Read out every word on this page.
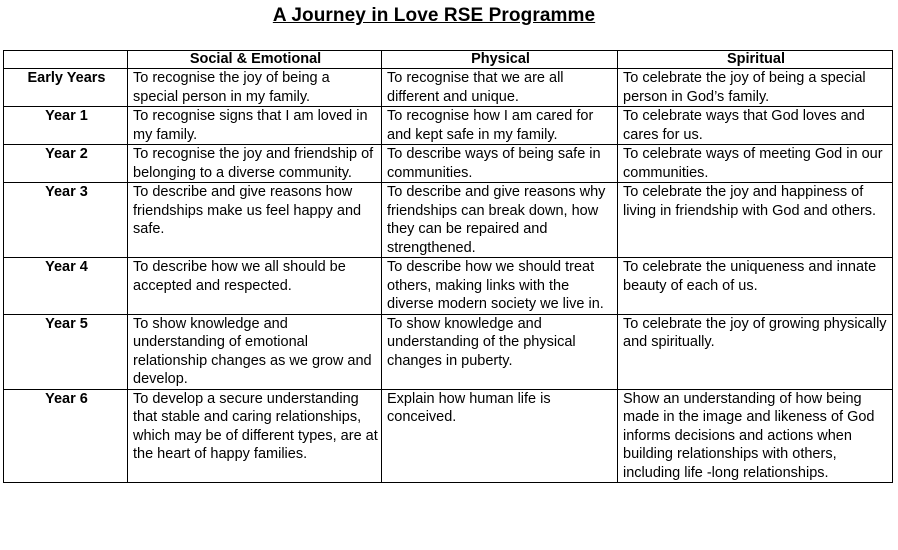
A Journey in Love RSE Programme
	Social & Emotional	Physical	Spiritual
Early Years	To recognise the joy of being a special person in my family.	To recognise that we are all different and unique.	To celebrate the joy of being a special person in God’s family.
Year 1	To recognise signs that I am loved in my family.	To recognise how I am cared for and kept safe in my family.	To celebrate ways that God loves and cares for us.
Year 2	To recognise the joy and friendship of belonging to a diverse community.	To describe ways of being safe in communities.	To celebrate ways of meeting God in our communities.
Year 3	To describe and give reasons how friendships make us feel happy and safe.	To describe and give reasons why friendships can break down, how they can be repaired and strengthened.	To celebrate the joy and happiness of living in friendship with God and others.
Year 4	To describe how we all should be accepted and respected.	To describe how we should treat others, making links with the diverse modern society we live in.	To celebrate the uniqueness and innate beauty of each of us.
Year 5	To show knowledge and understanding of emotional relationship changes as we grow and develop.	To show knowledge and understanding of the physical changes in puberty.	To celebrate the joy of growing physically and spiritually.
Year 6	To develop a secure understanding that stable and caring relationships, which may be of different types, are at the heart of happy families.	Explain how human life is conceived.	Show an understanding of how being made in the image and likeness of God informs decisions and actions when building relationships with others, including life -long relationships.
